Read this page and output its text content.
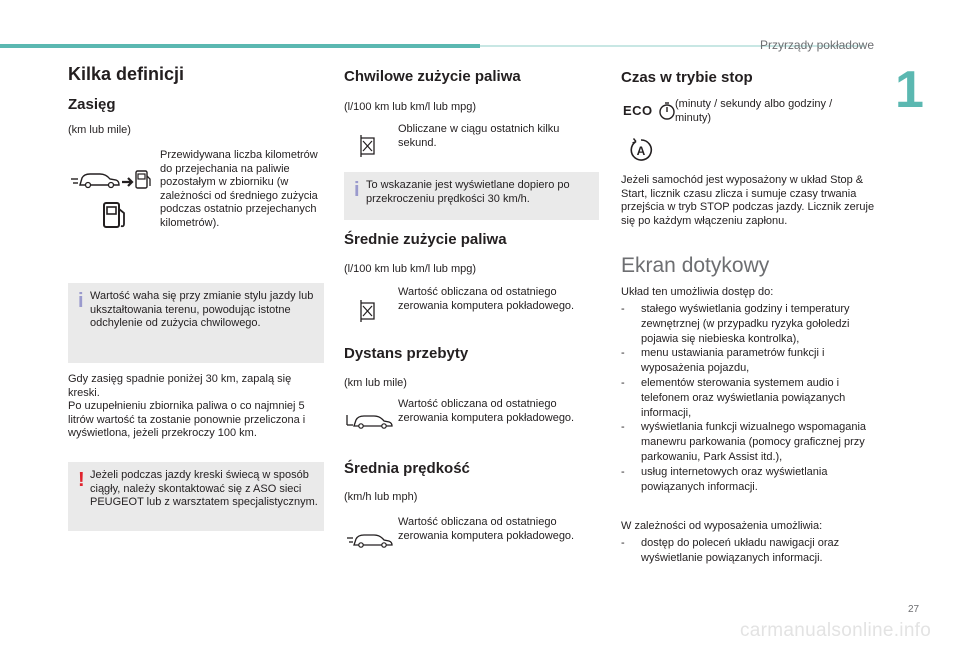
Przyrządy pokładowe
1
27
carmanualsonline.info
Kilka definicji
Zasięg
(km lub mile)
Przewidywana liczba kilometrów do przejechania na paliwie pozostałym w zbiorniku (w zależności od średniego zużycia podczas ostatnio przejechanych kilometrów).
i Wartość waha się przy zmianie stylu jazdy lub ukształtowania terenu, powodując istotne odchylenie od zużycia chwilowego.
Gdy zasięg spadnie poniżej 30 km, zapalą się kreski.
Po uzupełnieniu zbiornika paliwa o co najmniej 5 litrów wartość ta zostanie ponownie przeliczona i wyświetlona, jeżeli przekroczy 100 km.
! Jeżeli podczas jazdy kreski świecą w sposób ciągły, należy skontaktować się z ASO sieci PEUGEOT lub z warsztatem specjalistycznym.
Chwilowe zużycie paliwa
(l/100 km lub km/l lub mpg)
Obliczane w ciągu ostatnich kilku sekund.
i To wskazanie jest wyświetlane dopiero po przekroczeniu prędkości 30 km/h.
Średnie zużycie paliwa
(l/100 km lub km/l lub mpg)
Wartość obliczana od ostatniego zerowania komputera pokładowego.
Dystans przebyty
(km lub mile)
Wartość obliczana od ostatniego zerowania komputera pokładowego.
Średnia prędkość
(km/h lub mph)
Wartość obliczana od ostatniego zerowania komputera pokładowego.
Czas w trybie stop
ECO (minuty / sekundy albo godziny / minuty)
A
Jeżeli samochód jest wyposażony w układ Stop & Start, licznik czasu zlicza i sumuje czasy trwania przejścia w tryb STOP podczas jazdy. Licznik zeruje się po każdym włączeniu zapłonu.
Ekran dotykowy
Układ ten umożliwia dostęp do:
- stałego wyświetlania godziny i temperatury zewnętrznej (w przypadku ryzyka gołoledzi pojawia się niebieska kontrolka),
- menu ustawiania parametrów funkcji i wyposażenia pojazdu,
- elementów sterowania systemem audio i telefonem oraz wyświetlania powiązanych informacji,
- wyświetlania funkcji wizualnego wspomagania manewru parkowania (pomocy graficznej przy parkowaniu, Park Assist itd.),
- usług internetowych oraz wyświetlania powiązanych informacji.
W zależności od wyposażenia umożliwia:
- dostęp do poleceń układu nawigacji oraz wyświetlanie powiązanych informacji.
